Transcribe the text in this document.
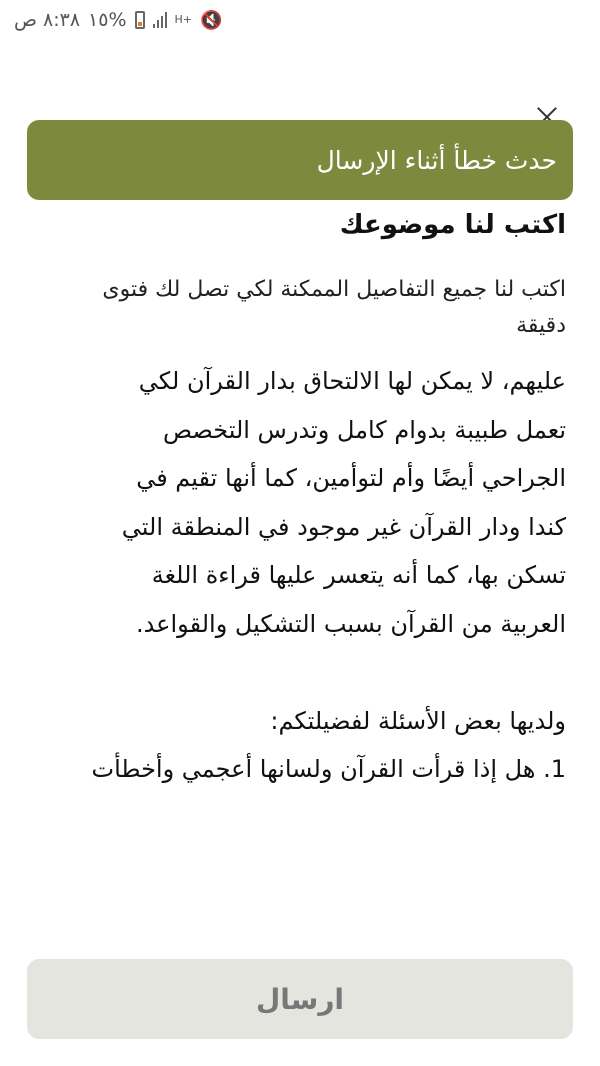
٨:٣٨ ص ١٥%	H+ 🔇
حدث خطأ أثناء الإرسال
اكتب لنا موضوعك
اكتب لنا جميع التفاصيل الممكنة لكي تصل لك فتوى دقيقة
عليهم، لا يمكن لها الالتحاق بدار القرآن لكي
تعمل طبيبة بدوام كامل وتدرس التخصص
الجراحي أيضًا وأم لتوأمين، كما أنها تقيم في
كندا ودار القرآن غير موجود في المنطقة التي
تسكن بها، كما أنه يتعسر عليها قراءة اللغة
العربية من القرآن بسبب التشكيل والقواعد.

ولديها بعض الأسئلة لفضيلتكم:
1. هل إذا قرأت القرآن ولسانها أعجمي وأخطأت
ارسال
